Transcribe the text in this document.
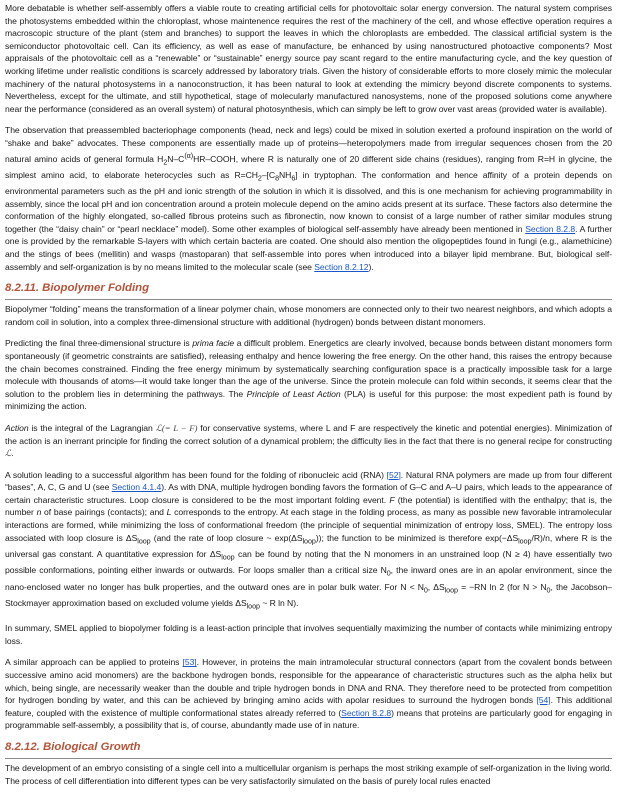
More debatable is whether self-assembly offers a viable route to creating artificial cells for photovoltaic solar energy conversion. The natural system comprises the photosystems embedded within the chloroplast, whose maintenence requires the rest of the machinery of the cell, and whose effective operation requires a macroscopic structure of the plant (stem and branches) to support the leaves in which the chloroplasts are embedded. The classical artificial system is the semiconductor photovoltaic cell. Can its efficiency, as well as ease of manufacture, be enhanced by using nanostructured photoactive components? Most appraisals of the photovoltaic cell as a “renewable” or “sustainable” energy source pay scant regard to the entire manufacturing cycle, and the key question of working lifetime under realistic conditions is scarcely addressed by laboratory trials. Given the history of considerable efforts to more closely mimic the molecular machinery of the natural photosystems in a nanoconstruction, it has been natural to look at extending the mimicry beyond discrete components to systems. Nevertheless, except for the ultimate, and still hypothetical, stage of molecularly manufactured nanosystems, none of the proposed solutions come anywhere near the performance (considered as an overall system) of natural photosynthesis, which can simply be left to grow over vast areas (provided water is available).

The observation that preassembled bacteriophage components (head, neck and legs) could be mixed in solution exerted a profound inspiration on the world of “shake and bake” advocates. These components are essentially made up of proteins—heteropolymers made from irregular sequences chosen from the 20 natural amino acids of general formula $H_2N-C^{(\alpha)}HR$–COOH, where R is naturally one of 20 different side chains (residues), ranging from R=H in glycine, the simplest amino acid, to elaborate heterocycles such as $R=CH_2-[C_8NH_6]$ in tryptophan. The conformation and hence affinity of a protein depends on environmental parameters such as the pH and ionic strength of the solution in which it is dissolved, and this is one mechanism for achieving programmability in assembly, since the local pH and ion concentration around a protein molecule depend on the amino acids present at its surface. These factors also determine the conformation of the highly elongated, so-called fibrous proteins such as fibronectin, now known to consist of a large number of rather similar modules strung together (the “daisy chain” or “pearl necklace” model). Some other examples of biological self-assembly have already been mentioned in Section 8.2.8. A further one is provided by the remarkable S-layers with which certain bacteria are coated. One should also mention the oligopeptides found in fungi (e.g., alamethicine) and the stings of bees (mellitin) and wasps (mastoparan) that self-assemble into pores when introduced into a bilayer lipid membrane. But, biological self-assembly and self-organization is by no means limited to the molecular scale (see Section 8.2.12).

8.2.11. Biopolymer Folding

Biopolymer “folding” means the transformation of a linear polymer chain, whose monomers are connected only to their two nearest neighbors, and which adopts a random coil in solution, into a complex three-dimensional structure with additional (hydrogen) bonds between distant monomers.

Predicting the final three-dimensional structure is prima facie a difficult problem. Energetics are clearly involved, because bonds between distant monomers form spontaneously (if geometric constraints are satisfied), releasing enthalpy and hence lowering the free energy. On the other hand, this raises the entropy because the chain becomes constrained. Finding the free energy minimum by systematically searching configuration space is a practically impossible task for a large molecule with thousands of atoms—it would take longer than the age of the universe. Since the protein molecule can fold within seconds, it seems clear that the solution to the problem lies in determining the pathways. The Principle of Least Action (PLA) is useful for this purpose: the most expedient path is found by minimizing the action.

Action is the integral of the Lagrangian ℒ(= L − F) for conservative systems, where L and F are respectively the kinetic and potential energies). Minimization of the action is an inerrant principle for finding the correct solution of a dynamical problem; the difficulty lies in the fact that there is no general recipe for constructing ℒ.

A solution leading to a successful algorithm has been found for the folding of ribonucleic acid (RNA) [52]. Natural RNA polymers are made up from four different “bases”, A, C, G and U (see Section 4.1.4). As with DNA, multiple hydrogen bonding favors the formation of G–C and A–U pairs, which leads to the appearance of certain characteristic structures. Loop closure is considered to be the most important folding event. F (the potential) is identified with the enthalpy; that is, the number n of base pairings (contacts); and L corresponds to the entropy. At each stage in the folding process, as many as possible new favorable intramolecular interactions are formed, while minimizing the loss of conformational freedom (the principle of sequential minimization of entropy loss, SMEL). The entropy loss associated with loop closure is $\Delta S_{loop}$ (and the rate of loop closure ~ $\exp(\Delta S_{loop})$); the function to be minimized is therefore $\exp(-\Delta S_{loop}/R)/n$, where R is the universal gas constant. A quantitative expression for $\Delta S_{loop}$ can be found by noting that the N monomers in an unstrained loop (N ≥ 4) have essentially two possible conformations, pointing either inwards or outwards. For loops smaller than a critical size $N_0$, the inward ones are in an apolar environment, since the nano-enclosed water no longer has bulk properties, and the outward ones are in polar bulk water. For $N < N_0$, $\Delta S_{loop} = -RN$ ln 2 (for $N > N_0$, the Jacobson–Stockmayer approximation based on excluded volume yields $\Delta S_{loop}$ ~ R ln N).

In summary, SMEL applied to biopolymer folding is a least-action principle that involves sequentially maximizing the number of contacts while minimizing entropy loss.

A similar approach can be applied to proteins [53]. However, in proteins the main intramolecular structural connectors (apart from the covalent bonds between successive amino acid monomers) are the backbone hydrogen bonds, responsible for the appearance of characteristic structures such as the alpha helix but which, being single, are necessarily weaker than the double and triple hydrogen bonds in DNA and RNA. They therefore need to be protected from competition for hydrogen bonding by water, and this can be achieved by bringing amino acids with apolar residues to surround the hydrogen bonds [54]. This additional feature, coupled with the existence of multiple conformational states already referred to (Section 8.2.8) means that proteins are particularly good for engaging in programmable self-assembly, a possibility that is, of course, abundantly made use of in nature.

8.2.12. Biological Growth

The development of an embryo consisting of a single cell into a multicellular organism is perhaps the most striking example of self-organization in the living world. The process of cell differentiation into different types can be very satisfactorily simulated on the basis of purely local rules enacted
